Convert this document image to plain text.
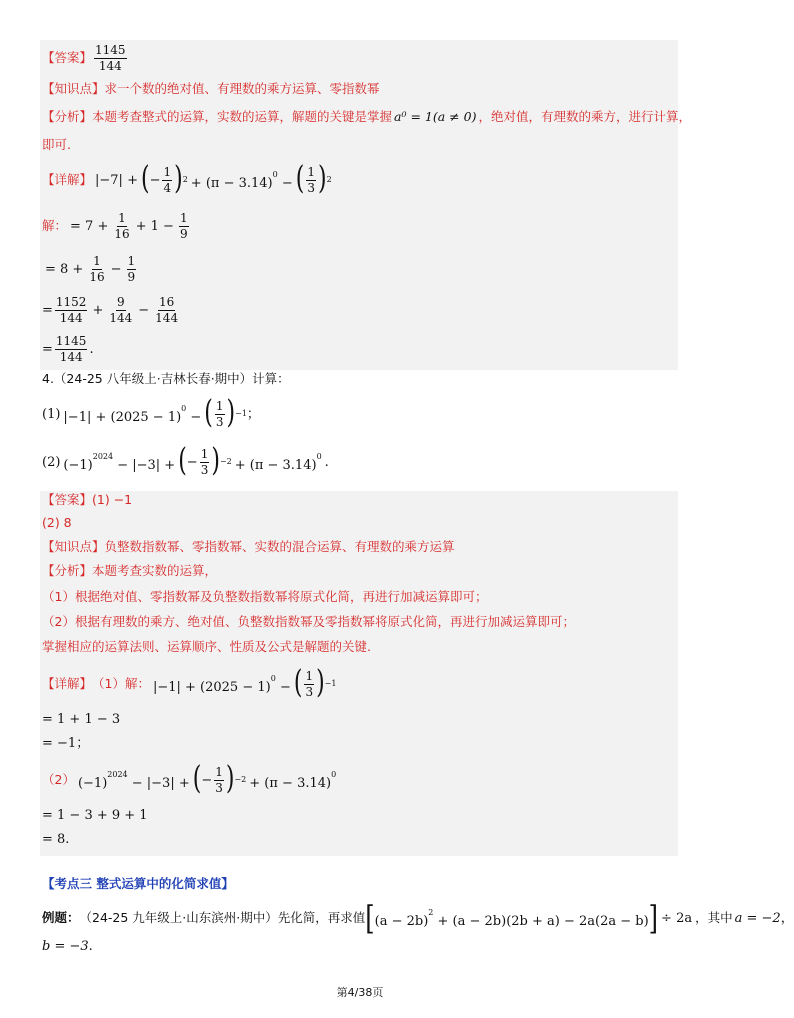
【答案】 $\frac{1145}{144}$
【知识点】 求一个数的绝对值、有理数的乘方运算、零指数幂
【分析】 本题考查整式的运算，实数的运算，解题的关键是掌握 a⁰ = 1(a ≠ 0) ，绝对值，有理数的乘方，进行计算，
即可.
【详解】 |−7| + ( − $\frac{1}{4}$ ) $2 + (\pi - 3.14)^0$ − ( $\frac{1}{3}$ ) 2
解： = $7 + \frac{1}{16} + 1 - \frac{1}{9}$
= $8 + \frac{1}{16} - \frac{1}{9}$
= $\frac{1152}{144} + \frac{9}{144} - \frac{16}{144}$
= $\frac{1145}{144}$ .
4.（24-25 八年级上·吉林长春·期中）计算：
(1) $|-1| + (2025 - 1)^0$ − ( $\frac{1}{3}$ ) −1 ；
(2) $(-1)^{2024} - |-3|$ + ( − $\frac{1}{3}$ ) $-2 + (\pi - 3.14)^0$ .
【答案】 (1) −1
(2) 8
【知识点】 负整数指数幂、零指数幂、实数的混合运算、有理数的乘方运算
【分析】 本题考查实数的运算，
（1）根据绝对值、零指数幂及负整数指数幂将原式化简，再进行加减运算即可；
（2）根据有理数的乘方、绝对值、负整数指数幂及零指数幂将原式化简，再进行加减运算即可；
掌握相应的运算法则、运算顺序、性质及公式是解题的关键.
【详解】 （1）解： $|-1| + (2025 - 1)^0$ − ( $\frac{1}{3}$ ) −1
= 1 + 1 − 3
= −1；
（2） $(-1)^{2024} - |-3|$ + ( − $\frac{1}{3}$ ) $-2 + (\pi - 3.14)^0$
= 1 − 3 + 9 + 1
= 8.
【考点三 整式运算中的化简求值】
例题： （24-25 九年级上·山东滨州·期中）先化简，再求值 [ $(a - 2b)^2 + (a - 2b)(2b + a) - 2a(2a - b)$ ] ÷ 2a ，其中 a = −2 ，
b = −3 .
第4/38页
